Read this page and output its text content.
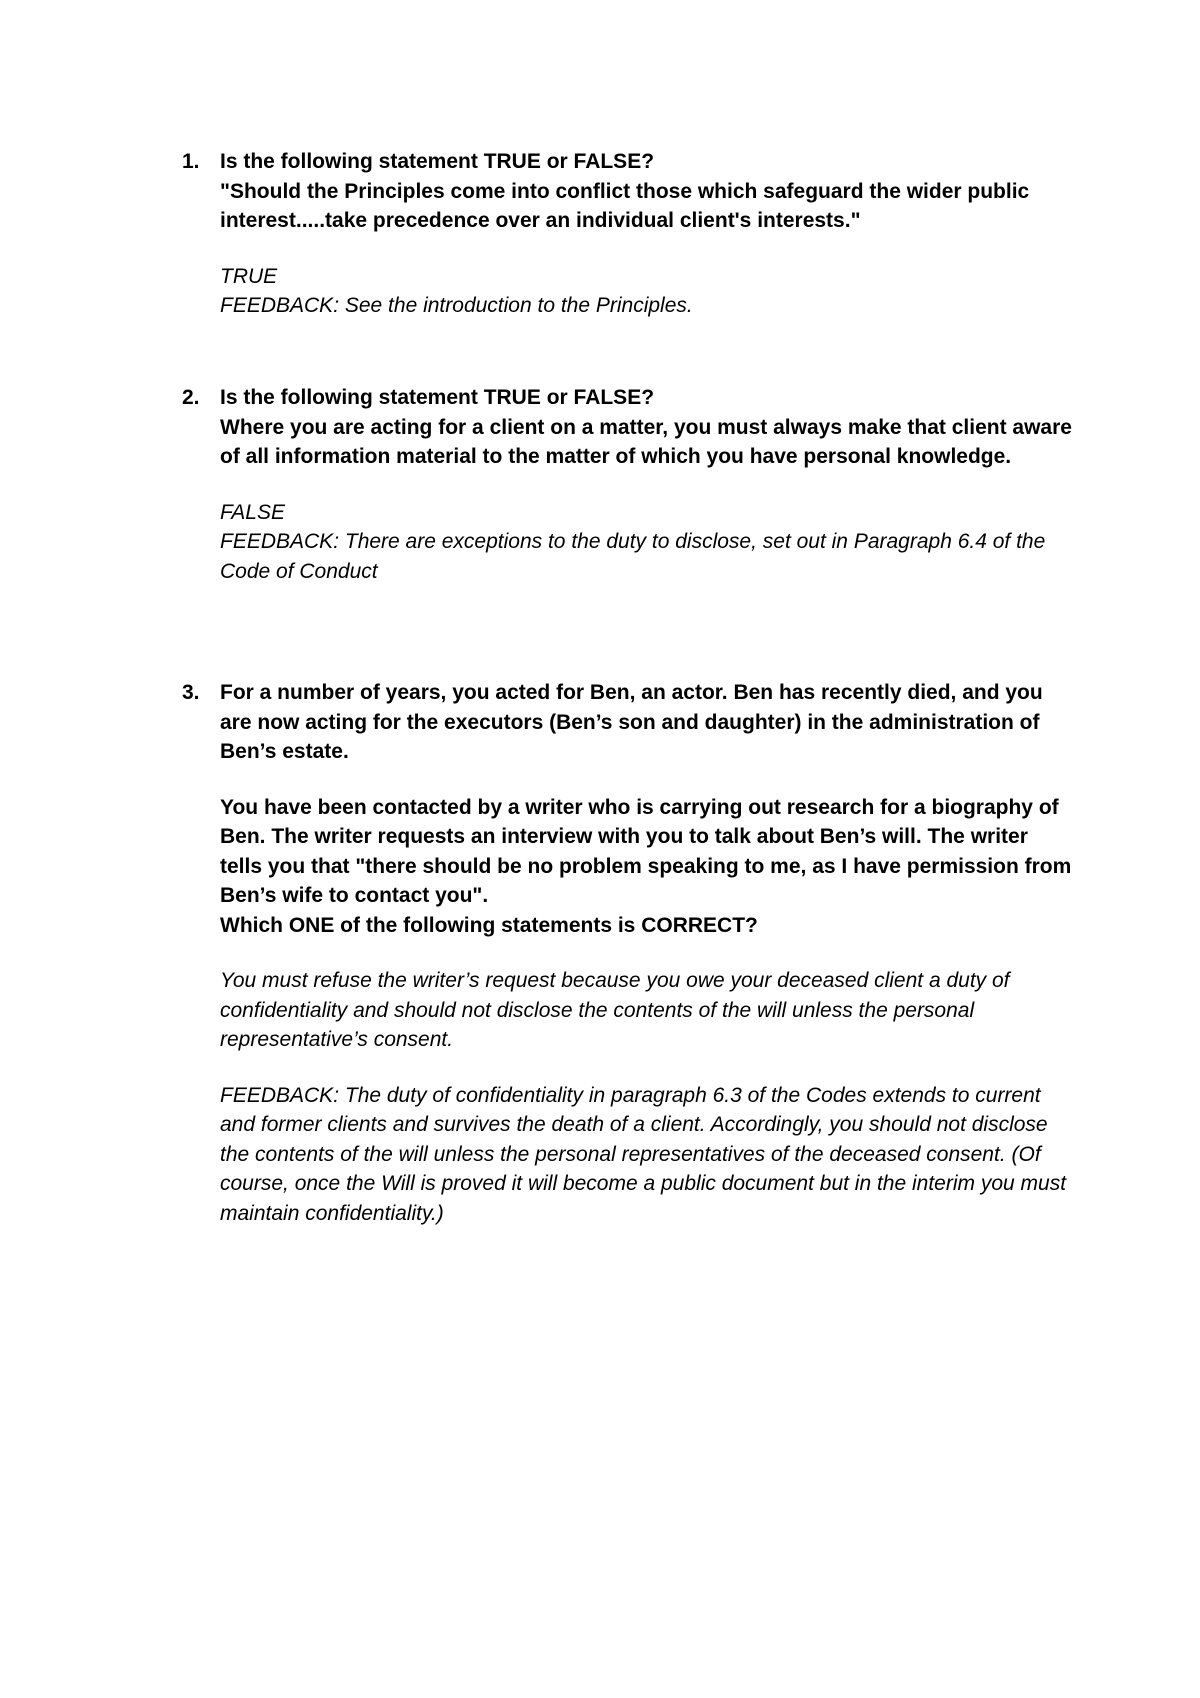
1. Is the following statement TRUE or FALSE?

"Should the Principles come into conflict those which safeguard the wider public interest.....take precedence over an individual client's interests."

TRUE

FEEDBACK: See the introduction to the Principles.

2. Is the following statement TRUE or FALSE?

Where you are acting for a client on a matter, you must always make that client aware of all information material to the matter of which you have personal knowledge.

FALSE

FEEDBACK: There are exceptions to the duty to disclose, set out in Paragraph 6.4 of the Code of Conduct

3. For a number of years, you acted for Ben, an actor. Ben has recently died, and you are now acting for the executors (Ben’s son and daughter) in the administration of Ben’s estate.

You have been contacted by a writer who is carrying out research for a biography of Ben. The writer requests an interview with you to talk about Ben’s will. The writer tells you that "there should be no problem speaking to me, as I have permission from Ben’s wife to contact you".

Which ONE of the following statements is CORRECT?

You must refuse the writer’s request because you owe your deceased client a duty of confidentiality and should not disclose the contents of the will unless the personal representative’s consent.

FEEDBACK: The duty of confidentiality in paragraph 6.3 of the Codes extends to current and former clients and survives the death of a client. Accordingly, you should not disclose the contents of the will unless the personal representatives of the deceased consent. (Of course, once the Will is proved it will become a public document but in the interim you must maintain confidentiality.)
